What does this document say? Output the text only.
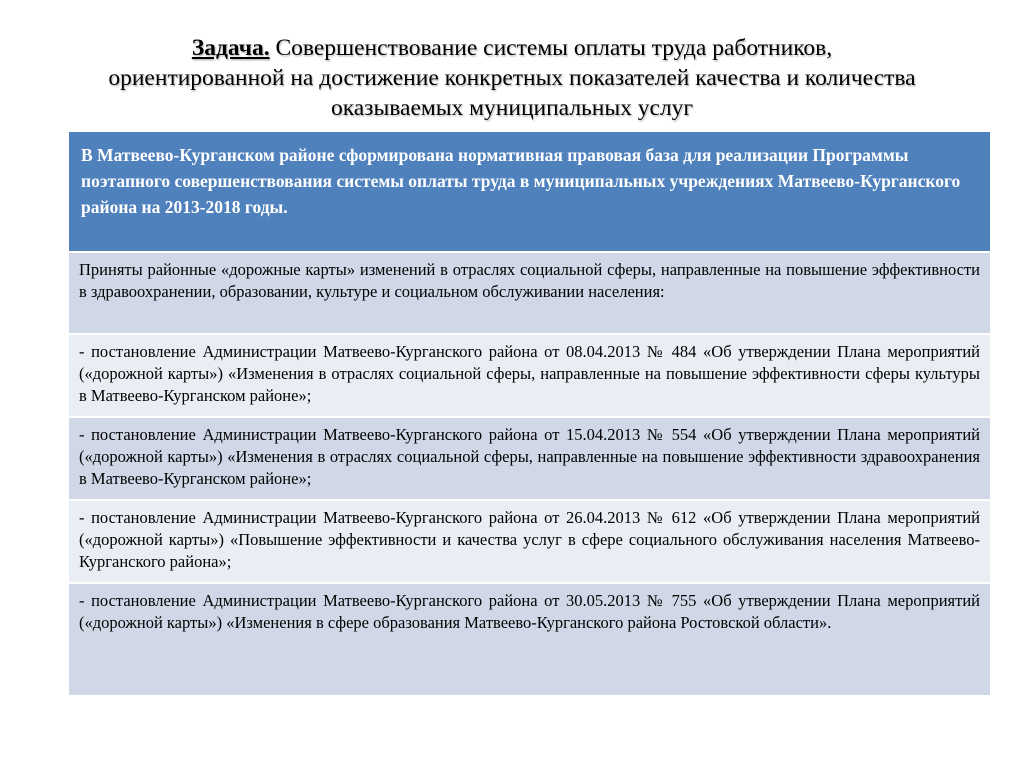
Задача. Совершенствование системы оплаты труда работников,
ориентированной на достижение конкретных показателей качества и количества
оказываемых муниципальных услуг
В Матвеево-Курганском районе сформирована нормативная правовая база для реализации Программы поэтапного совершенствования системы оплаты труда в муниципальных учреждениях Матвеево-Курганского района на 2013-2018 годы.

Приняты районные «дорожные карты» изменений в отраслях социальной сферы, направленные на повышение эффективности в здравоохранении, образовании, культуре и социальном обслуживании населения:

- постановление Администрации Матвеево-Курганского района от 08.04.2013 № 484 «Об утверждении Плана мероприятий («дорожной карты») «Изменения в отраслях социальной сферы, направленные на повышение эффективности сферы культуры в Матвеево-Курганском районе»;

- постановление Администрации Матвеево-Курганского района от 15.04.2013 № 554 «Об утверждении Плана мероприятий («дорожной карты») «Изменения в отраслях социальной сферы, направленные на повышение эффективности здравоохранения в Матвеево-Курганском районе»;

- постановление Администрации Матвеево-Курганского района от 26.04.2013 № 612 «Об утверждении Плана мероприятий («дорожной карты») «Повышение эффективности и качества услуг в сфере социального обслуживания населения Матвеево-Курганского района»;

- постановление Администрации Матвеево-Курганского района от 30.05.2013 № 755 «Об утверждении Плана мероприятий («дорожной карты») «Изменения в сфере образования Матвеево-Курганского района Ростовской области».
